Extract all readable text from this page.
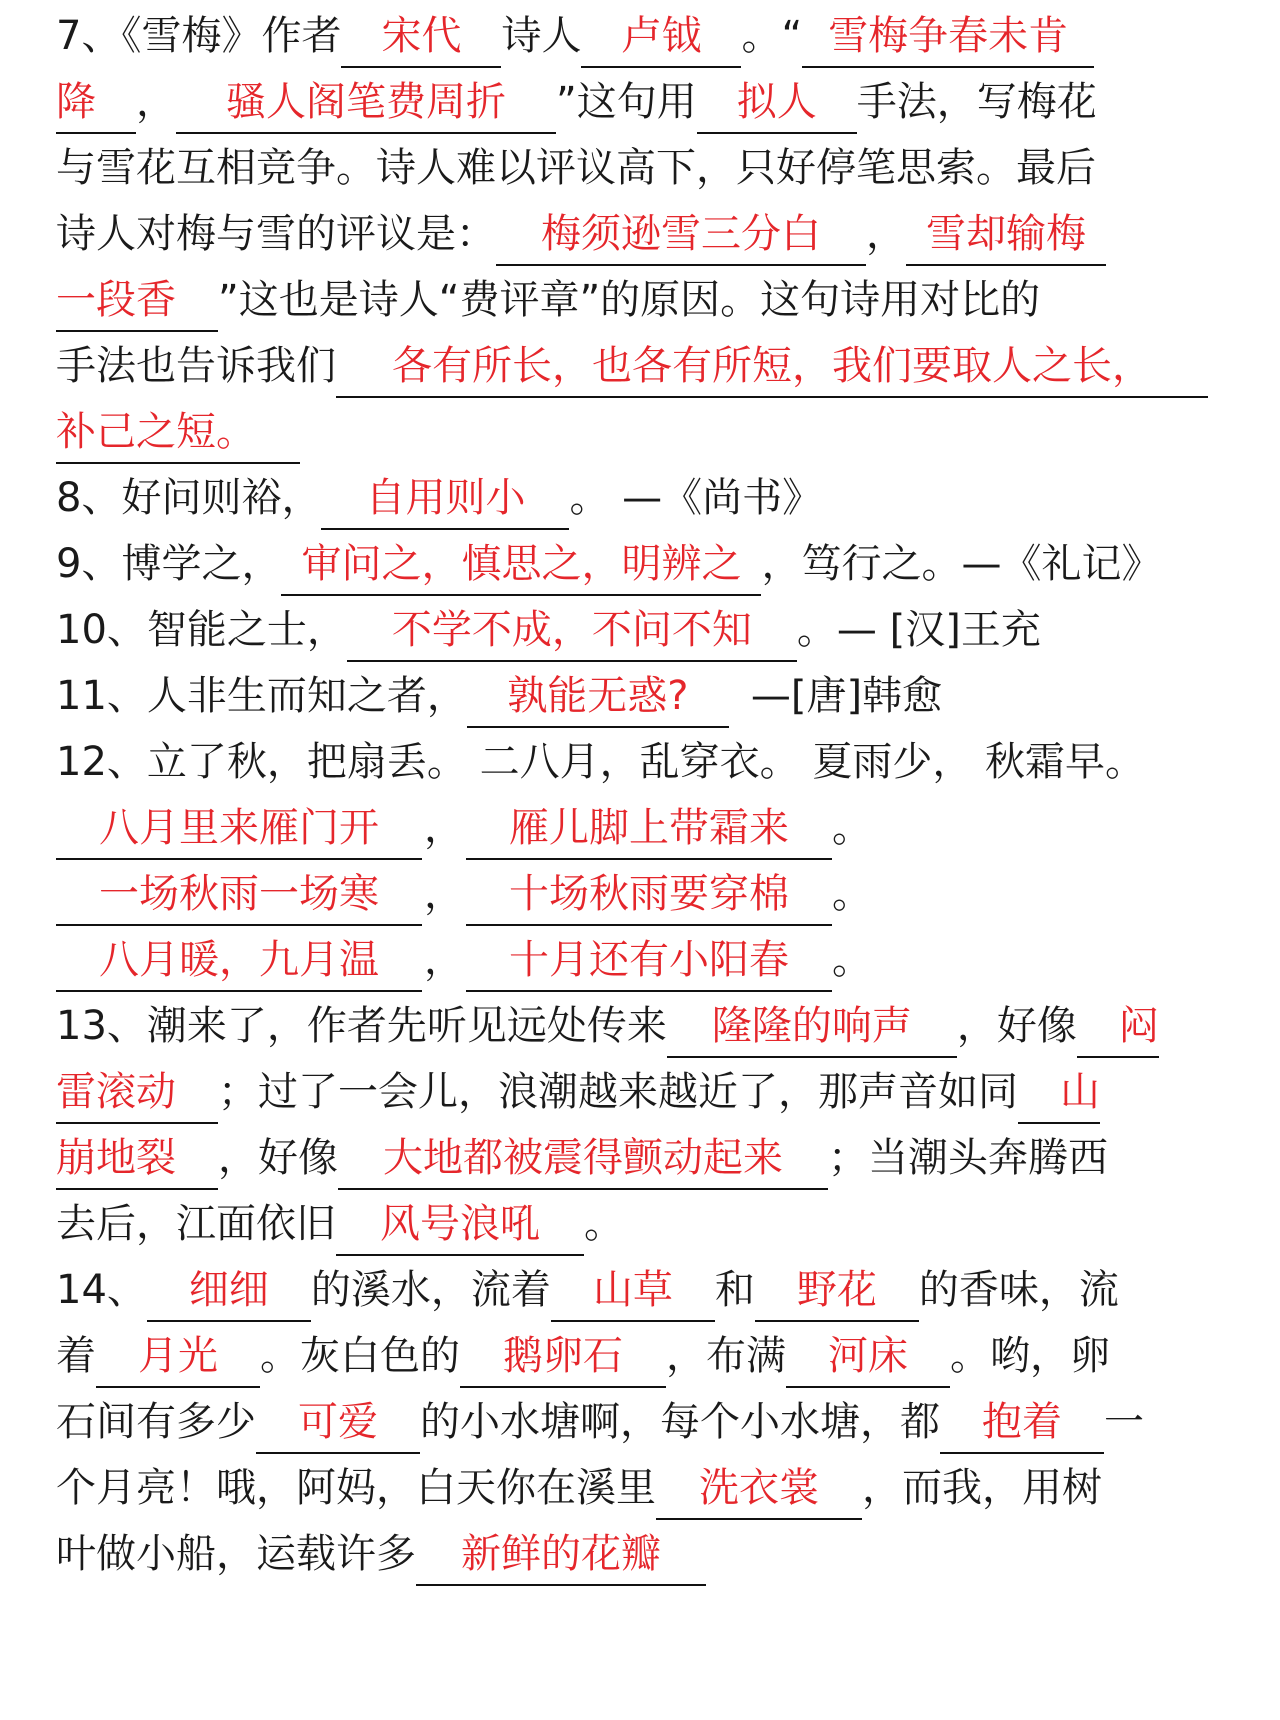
7、《雪梅》作者 宋代 诗人 卢钺 。“ 雪梅争春未肯
降 ， 骚人阁笔费周折 ”这句用 拟人 手法，写梅花
与雪花互相竞争。诗人难以评议高下，只好停笔思索。最后
诗人对梅与雪的评议是： 梅须逊雪三分白 ， 雪却输梅
一段香 ”这也是诗人“费评章”的原因。这句诗用对比的
手法也告诉我们 各有所长，也各有所短，我们要取人之长，
补己之短。
8、好问则裕， 自用则小 。 —《尚书》
9、博学之， 审问之，慎思之，明辨之 ，笃行之。—《礼记》
10、智能之士， 不学不成，不问不知 。— [汉]王充
11、人非生而知之者， 孰能无惑? —[唐]韩愈
12、立了秋，把扇丢。 二八月，乱穿衣。 夏雨少， 秋霜早。
八月里来雁门开 ， 雁儿脚上带霜来 。
一场秋雨一场寒 ， 十场秋雨要穿棉 。
八月暖，九月温 ， 十月还有小阳春 。
13、潮来了，作者先听见远处传来 隆隆的响声 ，好像 闷
雷滚动 ；过了一会儿，浪潮越来越近了，那声音如同 山
崩地裂 ，好像 大地都被震得颤动起来 ；当潮头奔腾西
去后，江面依旧 风号浪吼 。
14、 细细 的溪水，流着 山草 和 野花 的香味，流
着 月光 。灰白色的 鹅卵石 ，布满 河床 。哟，卵
石间有多少 可爱 的小水塘啊，每个小水塘，都 抱着 一
个月亮！哦，阿妈，白天你在溪里 洗衣裳 ，而我，用树
叶做小船，运载许多 新鲜的花瓣
